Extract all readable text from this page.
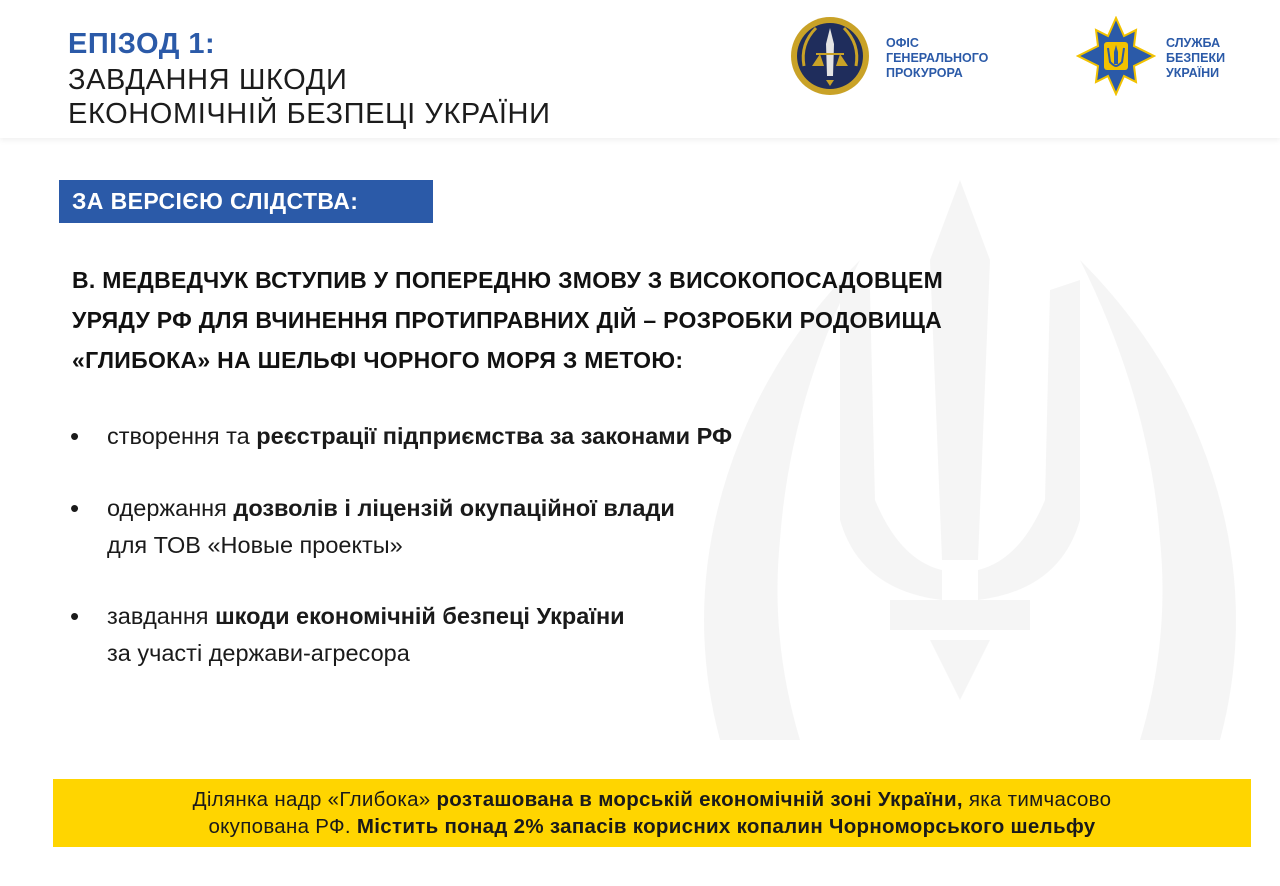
ЕПІЗОД 1:
ЗАВДАННЯ ШКОДИ
ЕКОНОМІЧНІЙ БЕЗПЕЦІ УКРАЇНИ
ОФІС
ГЕНЕРАЛЬНОГО
ПРОКУРОРА
СЛУЖБА
БЕЗПЕКИ
УКРАЇНИ
ЗА ВЕРСІЄЮ СЛІДСТВА:
В. МЕДВЕДЧУК ВСТУПИВ У ПОПЕРЕДНЮ ЗМОВУ З ВИСОКОПОСАДОВЦЕМ
УРЯДУ РФ ДЛЯ ВЧИНЕННЯ ПРОТИПРАВНИХ ДІЙ – РОЗРОБКИ РОДОВИЩА
«ГЛИБОКА» НА ШЕЛЬФІ ЧОРНОГО МОРЯ З МЕТОЮ:
• створення та реєстрації підприємства за законами РФ
• одержання дозволів і ліцензій окупаційної влади
для ТОВ «Новые проекты»
• завдання шкоди економічній безпеці України
за участі держави-агресора
Ділянка надр «Глибока» розташована в морській економічній зоні України, яка тимчасово
окупована РФ. Містить понад 2% запасів корисних копалин Чорноморського шельфу
